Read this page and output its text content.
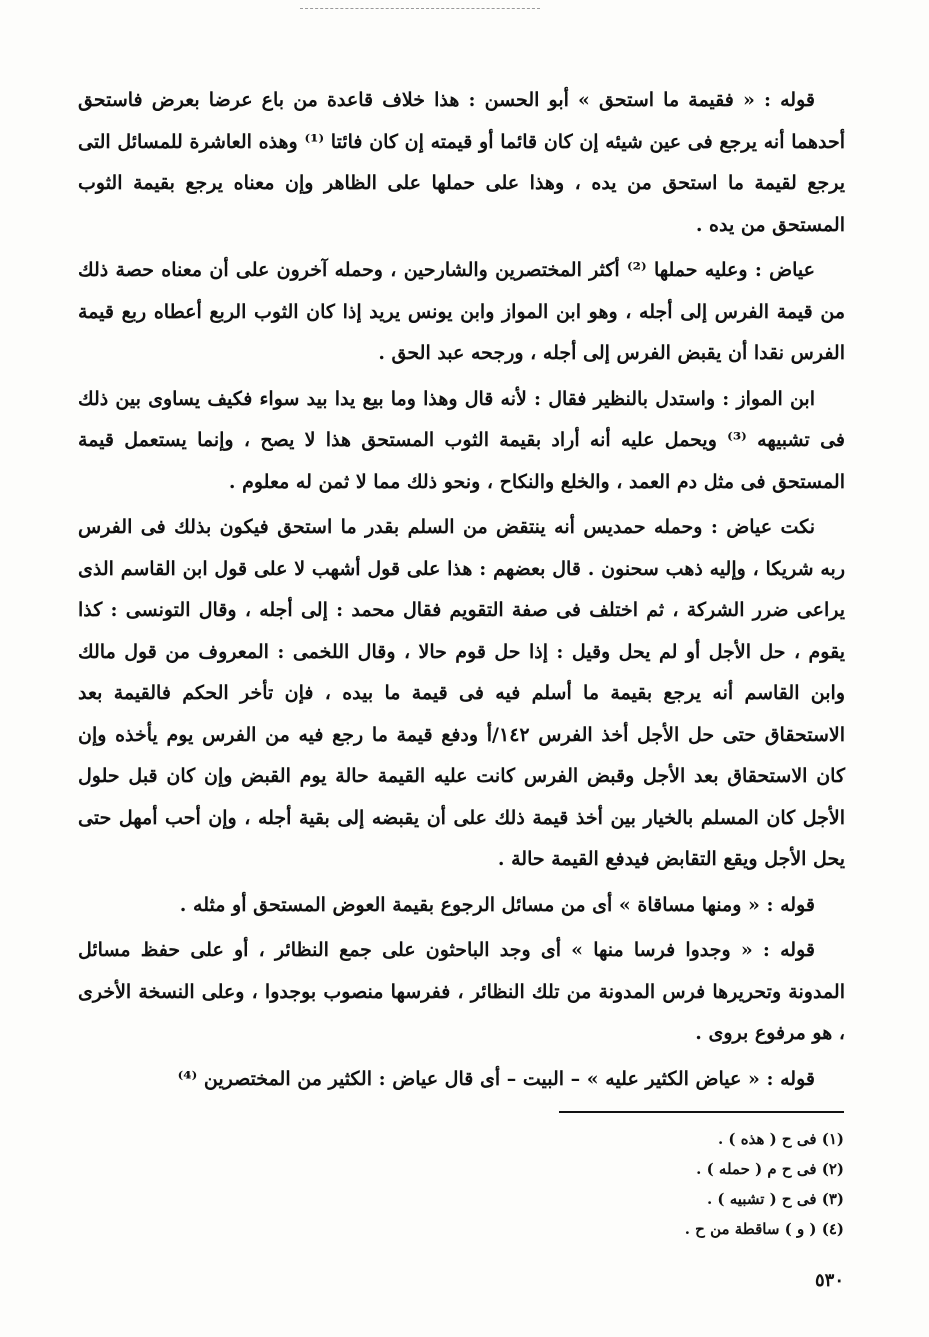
قوله : « فقيمة ما استحق » أبو الحسن : هذا خلاف قاعدة من باع عرضا بعرض فاستحق أحدهما أنه يرجع فى عين شيئه إن كان قائما أو قيمته إن كان فائتا ⁽¹⁾ وهذه العاشرة للمسائل التى يرجع لقيمة ما استحق من يده ، وهذا على حملها على الظاهر وإن معناه يرجع بقيمة الثوب المستحق من يده .

عياض : وعليه حملها ⁽²⁾ أكثر المختصرين والشارحين ، وحمله آخرون على أن معناه حصة ذلك من قيمة الفرس إلى أجله ، وهو ابن المواز وابن يونس يريد إذا كان الثوب الربع أعطاه ربع قيمة الفرس نقدا أن يقبض الفرس إلى أجله ، ورجحه عبد الحق .

ابن المواز : واستدل بالنظير فقال : لأنه قال وهذا وما بيع يدا بيد سواء فكيف يساوى بين ذلك فى تشبيهه ⁽³⁾ ويحمل عليه أنه أراد بقيمة الثوب المستحق هذا لا يصح ، وإنما يستعمل قيمة المستحق فى مثل دم العمد ، والخلع والنكاح ، ونحو ذلك مما لا ثمن له معلوم .

نكت عياض : وحمله حمديس أنه ينتقض من السلم بقدر ما استحق فيكون بذلك فى الفرس ربه شريكا ، وإليه ذهب سحنون . قال بعضهم : هذا على قول أشهب لا على قول ابن القاسم الذى يراعى ضرر الشركة ، ثم اختلف فى صفة التقويم فقال محمد : إلى أجله ، وقال التونسى : كذا يقوم ، حل الأجل أو لم يحل وقيل : إذا حل قوم حالا ، وقال اللخمى : المعروف من قول مالك وابن القاسم أنه يرجع بقيمة ما أسلم فيه فى قيمة ما بيده ، فإن تأخر الحكم فالقيمة بعد الاستحقاق حتى حل الأجل أخذ الفرس ١٤٢/أ ودفع قيمة ما رجع فيه من الفرس يوم يأخذه وإن كان الاستحقاق بعد الأجل وقبض الفرس كانت عليه القيمة حالة يوم القبض وإن كان قبل حلول الأجل كان المسلم بالخيار بين أخذ قيمة ذلك على أن يقبضه إلى بقية أجله ، وإن أحب أمهل حتى يحل الأجل ويقع التقابض فيدفع القيمة حالة .

قوله : « ومنها مساقاة » أى من مسائل الرجوع بقيمة العوض المستحق أو مثله .

قوله : « وجدوا فرسا منها » أى وجد الباحثون على جمع النظائر ، أو على حفظ مسائل المدونة وتحريرها فرس المدونة من تلك النظائر ، ففرسها منصوب بوجدوا ، وعلى النسخة الأخرى ، هو مرفوع بروى .

قوله : « عياض الكثير عليه » – البيت – أى قال عياض : الكثير من المختصرين ⁽⁴⁾

(١) فى ح ( هذه ) .
(٢) فى ح م ( حمله ) .
(٣) فى ح ( تشبيه ) .
(٤) ( و ) ساقطة من ح .
٥٣٠
